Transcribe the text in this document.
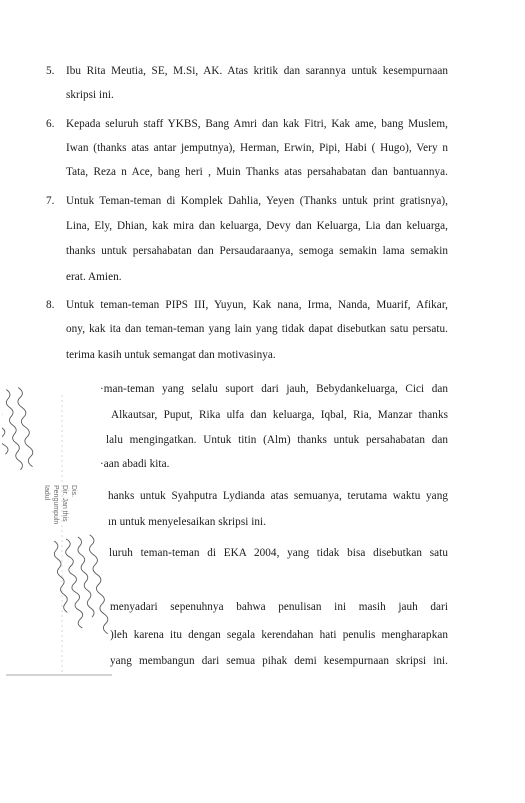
5. Ibu Rita Meutia, SE, M.Si, AK. Atas kritik dan sarannya untuk kesempurnaan
skripsi ini.
6. Kepada seluruh staff YKBS, Bang Amri dan kak Fitri, Kak ame, bang Muslem,
Iwan (thanks atas antar jemputnya), Herman, Erwin, Pipi, Habi ( Hugo), Very n
Tata, Reza n Ace, bang heri , Muin Thanks atas persahabatan dan bantuannya.
7. Untuk Teman-teman di Komplek Dahlia, Yeyen (Thanks untuk print gratisnya),
Lina, Ely, Dhian, kak mira dan keluarga, Devy dan Keluarga, Lia dan keluarga,
thanks untuk persahabatan dan Persaudaraanya, semoga semakin lama semakin
erat. Amien.
8. Untuk teman-teman PIPS III, Yuyun, Kak nana, Irma, Nanda, Muarif, Afikar,
ony, kak ita dan teman-teman yang lain yang tidak dapat disebutkan satu persatu.
terima kasih untuk semangat dan motivasinya.
·man-teman yang selalu suport dari jauh, Bebydankeluarga, Cici dan
Alkautsar, Puput, Rika ulfa dan keluarga, Iqbal, Ria, Manzar thanks
lalu mengingatkan. Untuk titin (Alm) thanks untuk persahabatan dan
·aan abadi kita.
hanks untuk Syahputra Lydianda atas semuanya, terutama waktu yang
ın untuk menyelesaikan skripsi ini.
luruh teman-teman di EKA 2004, yang tidak bisa disebutkan satu
menyadari sepenuhnya bahwa penulisan ini masih jauh dari
)leh karena itu dengan segala kerendahan hati penulis mengharapkan
yang membangun dari semua pihak demi kesempurnaan skripsi ini.
Dis.
Dir. Jan this
Pengumpuln
Iadul
